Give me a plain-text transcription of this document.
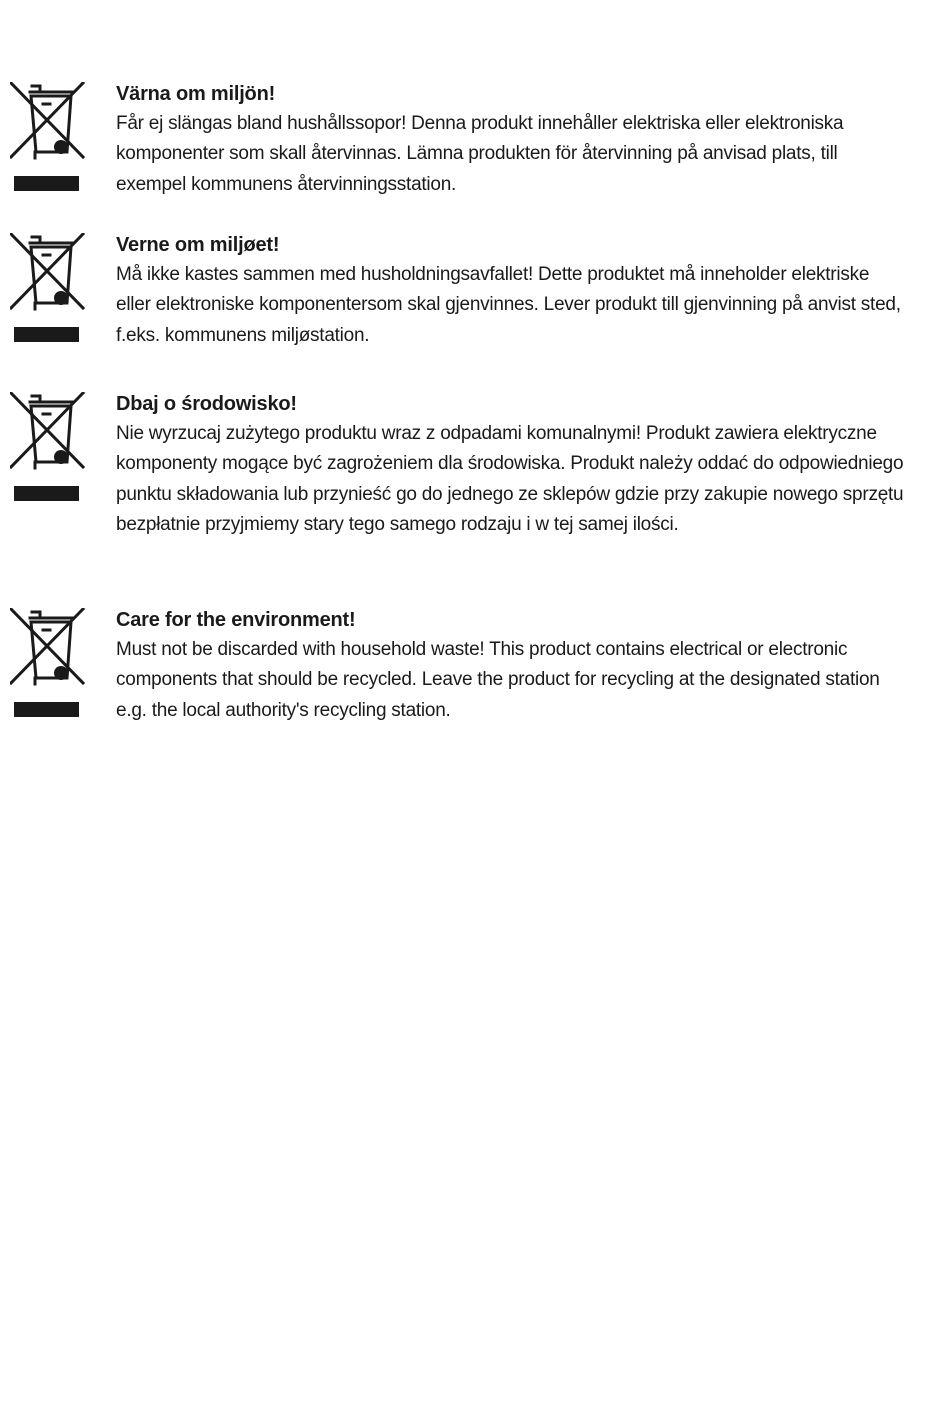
Värna om miljön!

Får ej slängas bland hushållssopor! Denna produkt innehåller elektriska eller elektroniska komponenter som skall återvinnas. Lämna produkten för återvinning på anvisad plats, till exempel kommunens återvinningsstation.

Verne om miljøet!

Må ikke kastes sammen med husholdningsavfallet! Dette produktet må inneholder elektriske eller elektroniske komponentersom skal gjenvinnes. Lever produkt till gjenvinning på anvist sted, f.eks. kommunens miljøstation.

Dbaj o środowisko!

Nie wyrzucaj zużytego produktu wraz z odpadami komunalnymi! Produkt zawiera elektryczne komponenty mogące być zagrożeniem dla środowiska. Produkt należy oddać do odpowiedniego punktu składowania lub przynieść go do jednego ze sklepów gdzie przy zakupie nowego sprzętu bezpłatnie przyjmiemy stary tego samego rodzaju i w tej samej ilości.

Care for the environment!

Must not be discarded with household waste! This product contains electrical or electronic components that should be recycled. Leave the product for recycling at the designated station e.g. the local authority's recycling station.
